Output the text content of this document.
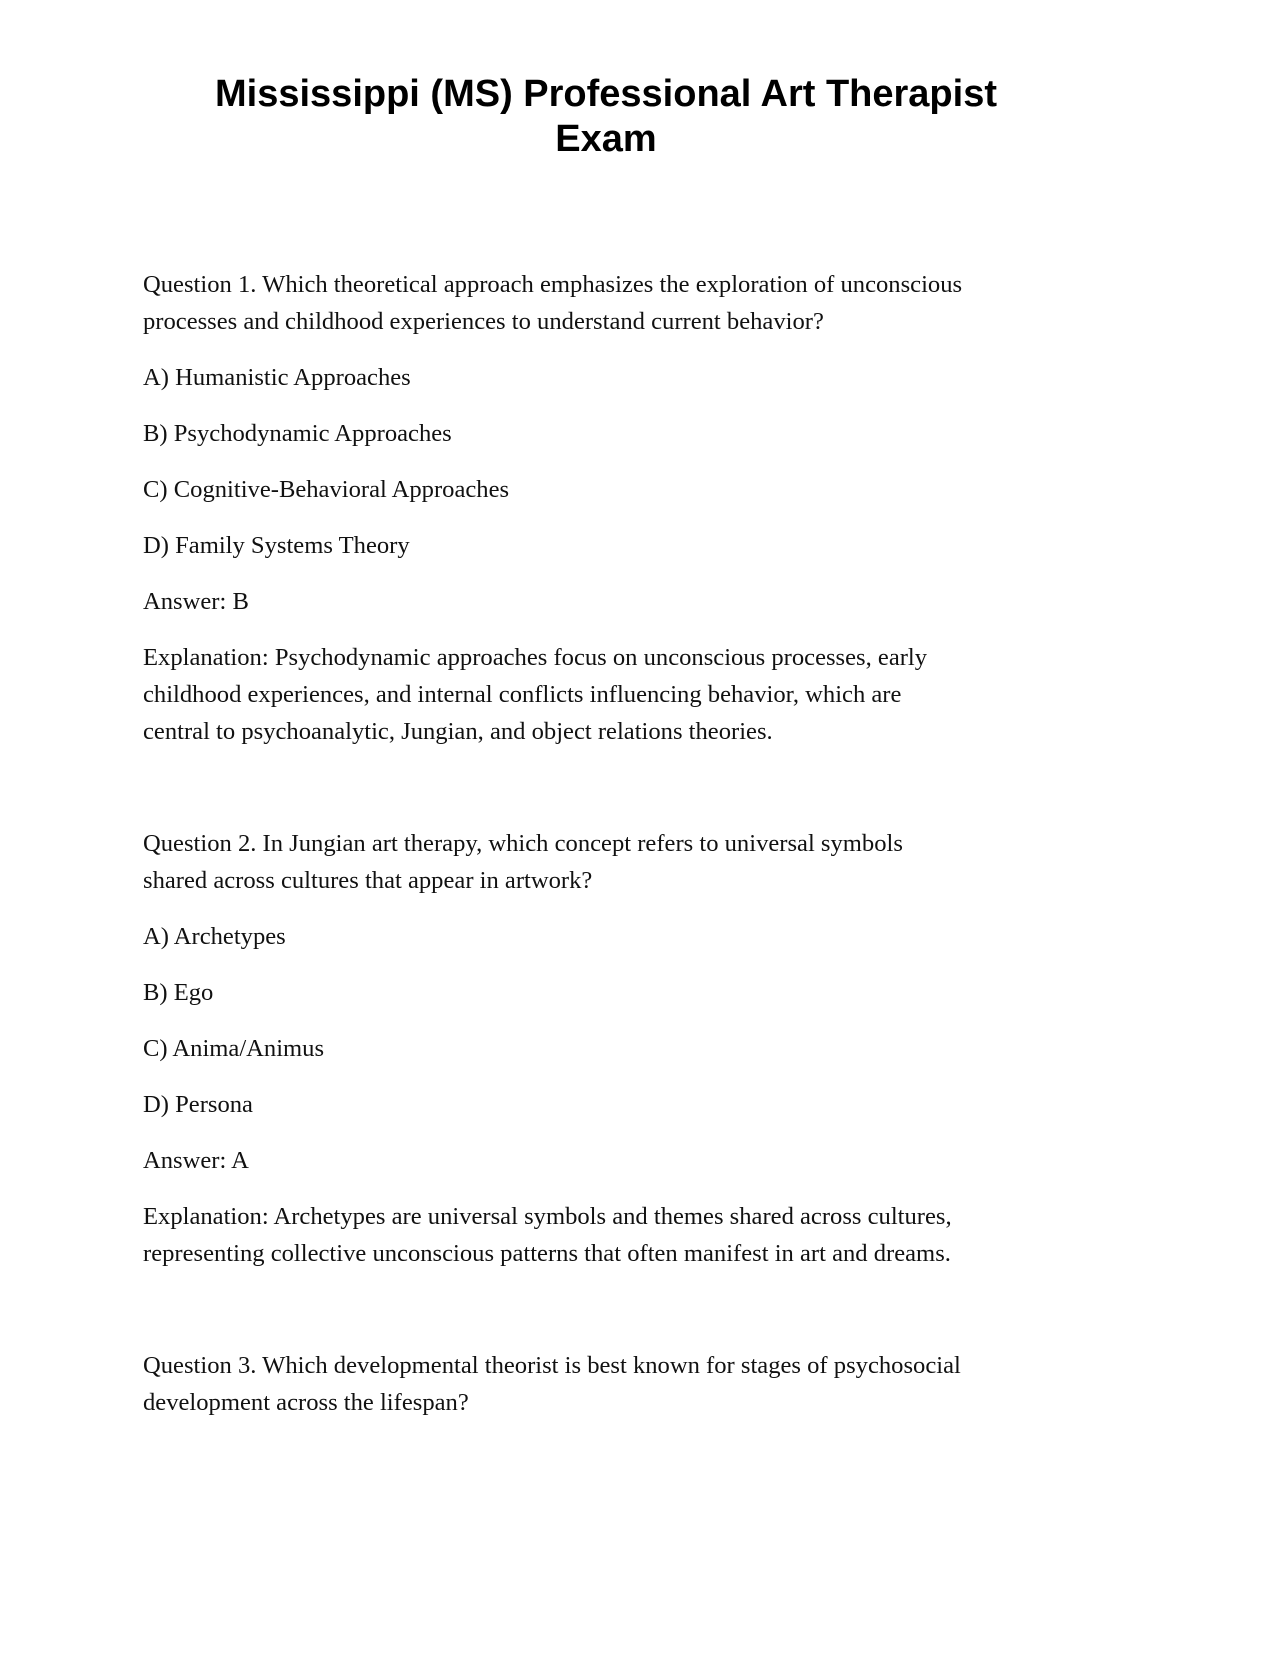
Mississippi (MS) Professional Art Therapist
Exam
Question 1. Which theoretical approach emphasizes the exploration of unconscious
processes and childhood experiences to understand current behavior?
A) Humanistic Approaches
B) Psychodynamic Approaches
C) Cognitive-Behavioral Approaches
D) Family Systems Theory
Answer: B
Explanation: Psychodynamic approaches focus on unconscious processes, early
childhood experiences, and internal conflicts influencing behavior, which are
central to psychoanalytic, Jungian, and object relations theories.
Question 2. In Jungian art therapy, which concept refers to universal symbols
shared across cultures that appear in artwork?
A) Archetypes
B) Ego
C) Anima/Animus
D) Persona
Answer: A
Explanation: Archetypes are universal symbols and themes shared across cultures,
representing collective unconscious patterns that often manifest in art and dreams.
Question 3. Which developmental theorist is best known for stages of psychosocial
development across the lifespan?
